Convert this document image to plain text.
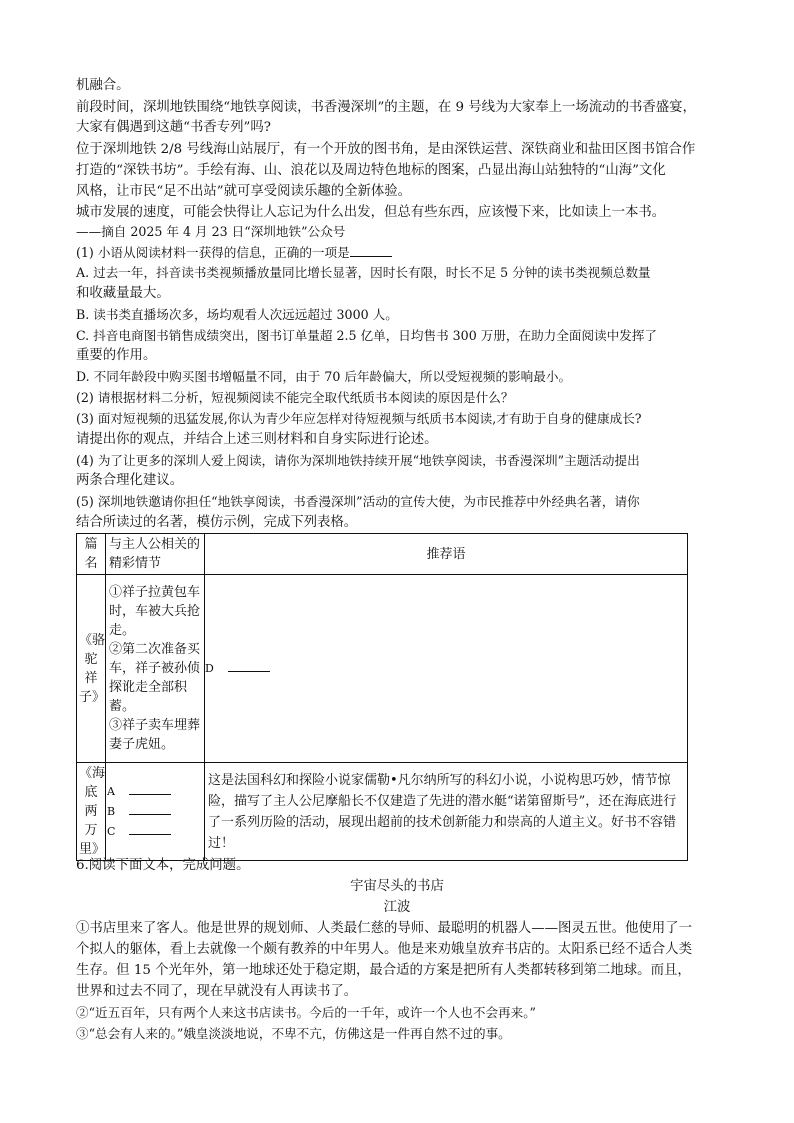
机融合。
前段时间，深圳地铁围绕“地铁享阅读，书香漫深圳”的主题，在 9 号线为大家奉上一场流动的书香盛宴，
大家有偶遇到这趟“书香专列”吗?
位于深圳地铁 2/8 号线海山站展厅，有一个开放的图书角，是由深铁运营、深铁商业和盐田区图书馆合作
打造的“深铁书坊”。手绘有海、山、浪花以及周边特色地标的图案，凸显出海山站独特的“山海”文化
风格，让市民“足不出站”就可享受阅读乐趣的全新体验。
城市发展的速度，可能会快得让人忘记为什么出发，但总有些东西，应该慢下来，比如读上一本书。
——摘自 2025 年 4 月 23 日“深圳地铁”公众号
(1) 小语从阅读材料一获得的信息，正确的一项是
A. 过去一年，抖音读书类视频播放量同比增长显著，因时长有限，时长不足 5 分钟的读书类视频总数量
和收藏量最大。
B. 读书类直播场次多，场均观看人次远远超过 3000 人。
C. 抖音电商图书销售成绩突出，图书订单量超 2.5 亿单，日均售书 300 万册，在助力全面阅读中发挥了
重要的作用。
D. 不同年龄段中购买图书增幅量不同，由于 70 后年龄偏大，所以受短视频的影响最小。
(2) 请根据材料二分析，短视频阅读不能完全取代纸质书本阅读的原因是什么？
(3) 面对短视频的迅猛发展,你认为青少年应怎样对待短视频与纸质书本阅读,才有助于自身的健康成长?
请提出你的观点，并结合上述三则材料和自身实际进行论述。
(4) 为了让更多的深圳人爱上阅读，请你为深圳地铁持续开展“地铁享阅读，书香漫深圳”主题活动提出
两条合理化建议。
(5) 深圳地铁邀请你担任“地铁享阅读，书香漫深圳”活动的宣传大使，为市民推荐中外经典名著，请你
结合所读过的名著，模仿示例，完成下列表格。
篇名	与主人公相关的精彩情节	推荐语
《骆驼祥子》	①祥子拉黄包车时，车被大兵抢走。
②第二次准备买车，祥子被孙侦探讹走全部积蓄。
③祥子卖车埋葬妻子虎妞。	D
《海底两万里》	A
B
C	这是法国科幻和探险小说家儒勒•凡尔纳所写的科幻小说，小说构思巧妙，情节惊险，描写了主人公尼摩船长不仅建造了先进的潜水艇“诺第留斯号”，还在海底进行了一系列历险的活动，展现出超前的技术创新能力和崇高的人道主义。好书不容错过！
6.阅读下面文本，完成问题。
宇宙尽头的书店
江波
①书店里来了客人。他是世界的规划师、人类最仁慈的导师、最聪明的机器人——图灵五世。他使用了一
个拟人的躯体，看上去就像一个颇有教养的中年男人。他是来劝娥皇放弃书店的。太阳系已经不适合人类
生存。但 15 个光年外，第一地球还处于稳定期，最合适的方案是把所有人类都转移到第二地球。而且，
世界和过去不同了，现在早就没有人再读书了。
②“近五百年，只有两个人来这书店读书。今后的一千年，或许一个人也不会再来。”
③“总会有人来的。”娥皇淡淡地说，不卑不亢，仿佛这是一件再自然不过的事。
